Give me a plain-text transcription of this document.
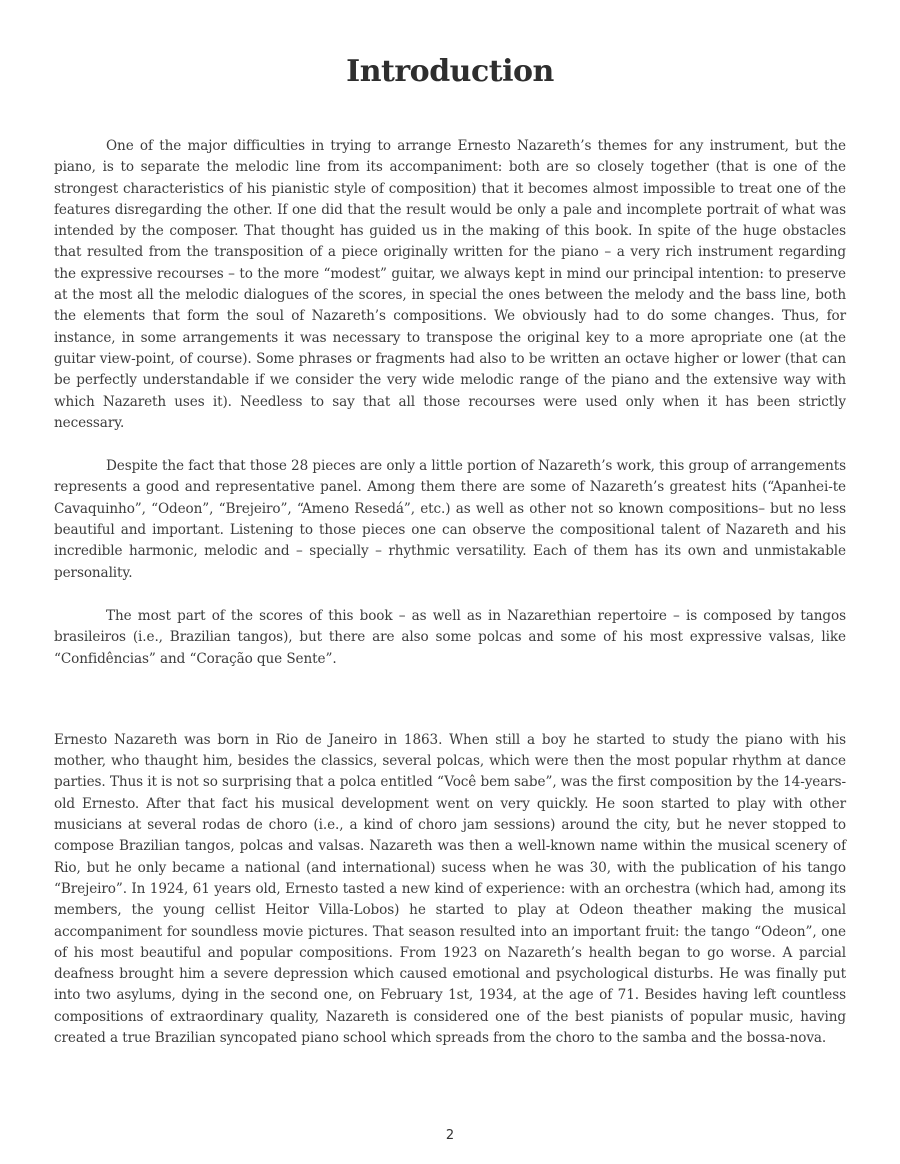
Introduction

One of the major difficulties in trying to arrange Ernesto Nazareth’s themes for any instrument, but the piano, is to separate the melodic line from its accompaniment: both are so closely together (that is one of the strongest characteristics of his pianistic style of composition) that it becomes almost impossible to treat one of the features disregarding the other. If one did that the result would be only a pale and incomplete portrait of what was intended by the composer. That thought has guided us in the making of this book. In spite of the huge obstacles that resulted from the transposition of a piece originally written for the piano – a very rich instrument regarding the expressive recourses – to the more “modest” guitar, we always kept in mind our principal intention: to preserve at the most all the melodic dialogues of the scores, in special the ones between the melody and the bass line, both the elements that form the soul of Nazareth’s compositions. We obviously had to do some changes. Thus, for instance, in some arrangements it was necessary to transpose the original key to a more apropriate one (at the guitar view-point, of course). Some phrases or fragments had also to be written an octave higher or lower (that can be perfectly understandable if we consider the very wide melodic range of the piano and the extensive way with which Nazareth uses it). Needless to say that all those recourses were used only when it has been strictly necessary.

Despite the fact that those 28 pieces are only a little portion of Nazareth’s work, this group of arrangements represents a good and representative panel. Among them there are some of Nazareth’s greatest hits (“Apanhei-te Cavaquinho”, “Odeon”, “Brejeiro”, “Ameno Resedá”, etc.) as well as other not so known compositions– but no less beautiful and important. Listening to those pieces one can observe the compositional talent of Nazareth and his incredible harmonic, melodic and – specially – rhythmic versatility. Each of them has its own and unmistakable personality.

The most part of the scores of this book – as well as in Nazarethian repertoire – is composed by tangos brasileiros (i.e., Brazilian tangos), but there are also some polcas and some of his most expressive valsas, like “Confidências” and “Coração que Sente”.

Ernesto Nazareth was born in Rio de Janeiro in 1863. When still a boy he started to study the piano with his mother, who thaught him, besides the classics, several polcas, which were then the most popular rhythm at dance parties. Thus it is not so surprising that a polca entitled “Você bem sabe”, was the first composition by the 14-years-old Ernesto. After that fact his musical development went on very quickly. He soon started to play with other musicians at several rodas de choro (i.e., a kind of choro jam sessions) around the city, but he never stopped to compose Brazilian tangos, polcas and valsas. Nazareth was then a well-known name within the musical scenery of Rio, but he only became a national (and international) sucess when he was 30, with the publication of his tango “Brejeiro”. In 1924, 61 years old, Ernesto tasted a new kind of experience: with an orchestra (which had, among its members, the young cellist Heitor Villa-Lobos) he started to play at Odeon theather making the musical accompaniment for soundless movie pictures. That season resulted into an important fruit: the tango “Odeon”, one of his most beautiful and popular compositions. From 1923 on Nazareth’s health began to go worse. A parcial deafness brought him a severe depression which caused emotional and psychological disturbs. He was finally put into two asylums, dying in the second one, on February 1st, 1934, at the age of 71. Besides having left countless compositions of extraordinary quality, Nazareth is considered one of the best pianists of popular music, having created a true Brazilian syncopated piano school which spreads from the choro to the samba and the bossa-nova.

2
